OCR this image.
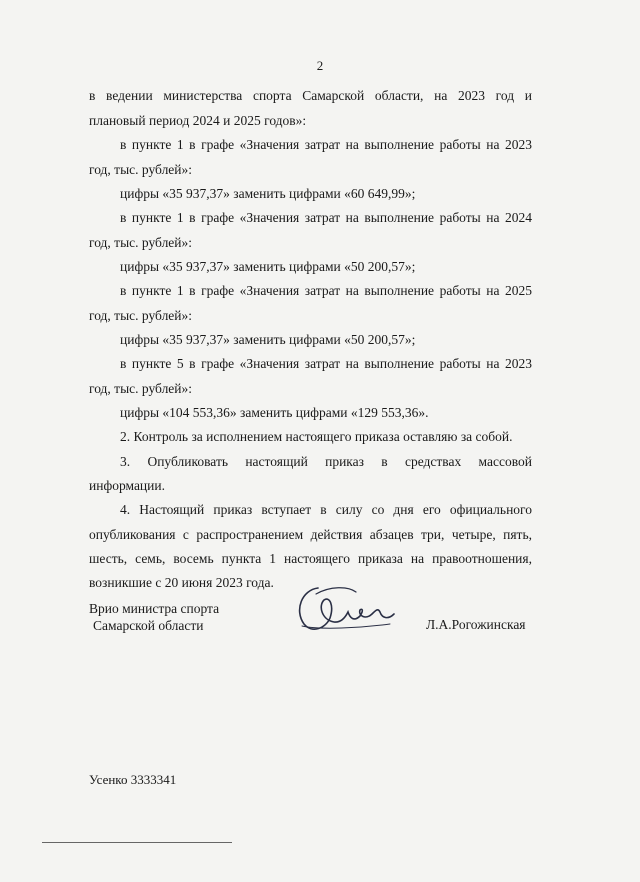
2
в ведении министерства спорта Самарской области, на 2023 год и
плановый период 2024 и 2025 годов»:
в пункте 1 в графе «Значения затрат на выполнение работы на 2023
год, тыс. рублей»:
цифры «35 937,37» заменить цифрами «60 649,99»;
в пункте 1 в графе «Значения затрат на выполнение работы на 2024
год, тыс. рублей»:
цифры «35 937,37» заменить цифрами «50 200,57»;
в пункте 1 в графе «Значения затрат на выполнение работы на 2025
год, тыс. рублей»:
цифры «35 937,37» заменить цифрами «50 200,57»;
в пункте 5 в графе «Значения затрат на выполнение работы на 2023
год, тыс. рублей»:
цифры «104 553,36» заменить цифрами «129 553,36».
2. Контроль за исполнением настоящего приказа оставляю за собой.
3. Опубликовать настоящий приказ в средствах массовой
информации.
4. Настоящий приказ вступает в силу со дня его официального
опубликования с распространением действия абзацев три, четыре, пять,
шесть, семь, восемь пункта 1 настоящего приказа на правоотношения,
возникшие с 20 июня 2023 года.
Врио министра спорта
Самарской области	Л.А.Рогожинская
Усенко 3333341
